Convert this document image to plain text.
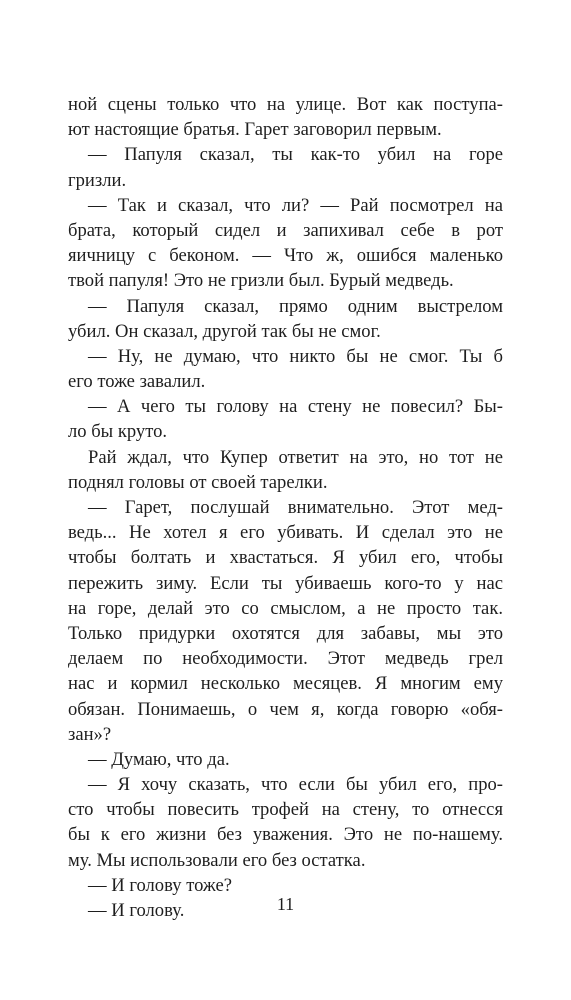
ной сцены только что на улице. Вот как поступа-
ют настоящие братья. Гарет заговорил первым.
— Папуля сказал, ты как-то убил на горе
гризли.
— Так и сказал, что ли? — Рай посмотрел на
брата, который сидел и запихивал себе в рот
яичницу с беконом. — Что ж, ошибся маленько
твой папуля! Это не гризли был. Бурый медведь.
— Папуля сказал, прямо одним выстрелом
убил. Он сказал, другой так бы не смог.
— Ну, не думаю, что никто бы не смог. Ты б
его тоже завалил.
— А чего ты голову на стену не повесил? Бы-
ло бы круто.
Рай ждал, что Купер ответит на это, но тот не
поднял головы от своей тарелки.
— Гарет, послушай внимательно. Этот мед-
ведь... Не хотел я его убивать. И сделал это не
чтобы болтать и хвастаться. Я убил его, чтобы
пережить зиму. Если ты убиваешь кого-то у нас
на горе, делай это со смыслом, а не просто так.
Только придурки охотятся для забавы, мы это
делаем по необходимости. Этот медведь грел
нас и кормил несколько месяцев. Я многим ему
обязан. Понимаешь, о чем я, когда говорю «обя-
зан»?
— Думаю, что да.
— Я хочу сказать, что если бы убил его, про-
сто чтобы повесить трофей на стену, то отнесся
бы к его жизни без уважения. Это не по-нашему.
му. Мы использовали его без остатка.
— И голову тоже?
— И голову.	11
